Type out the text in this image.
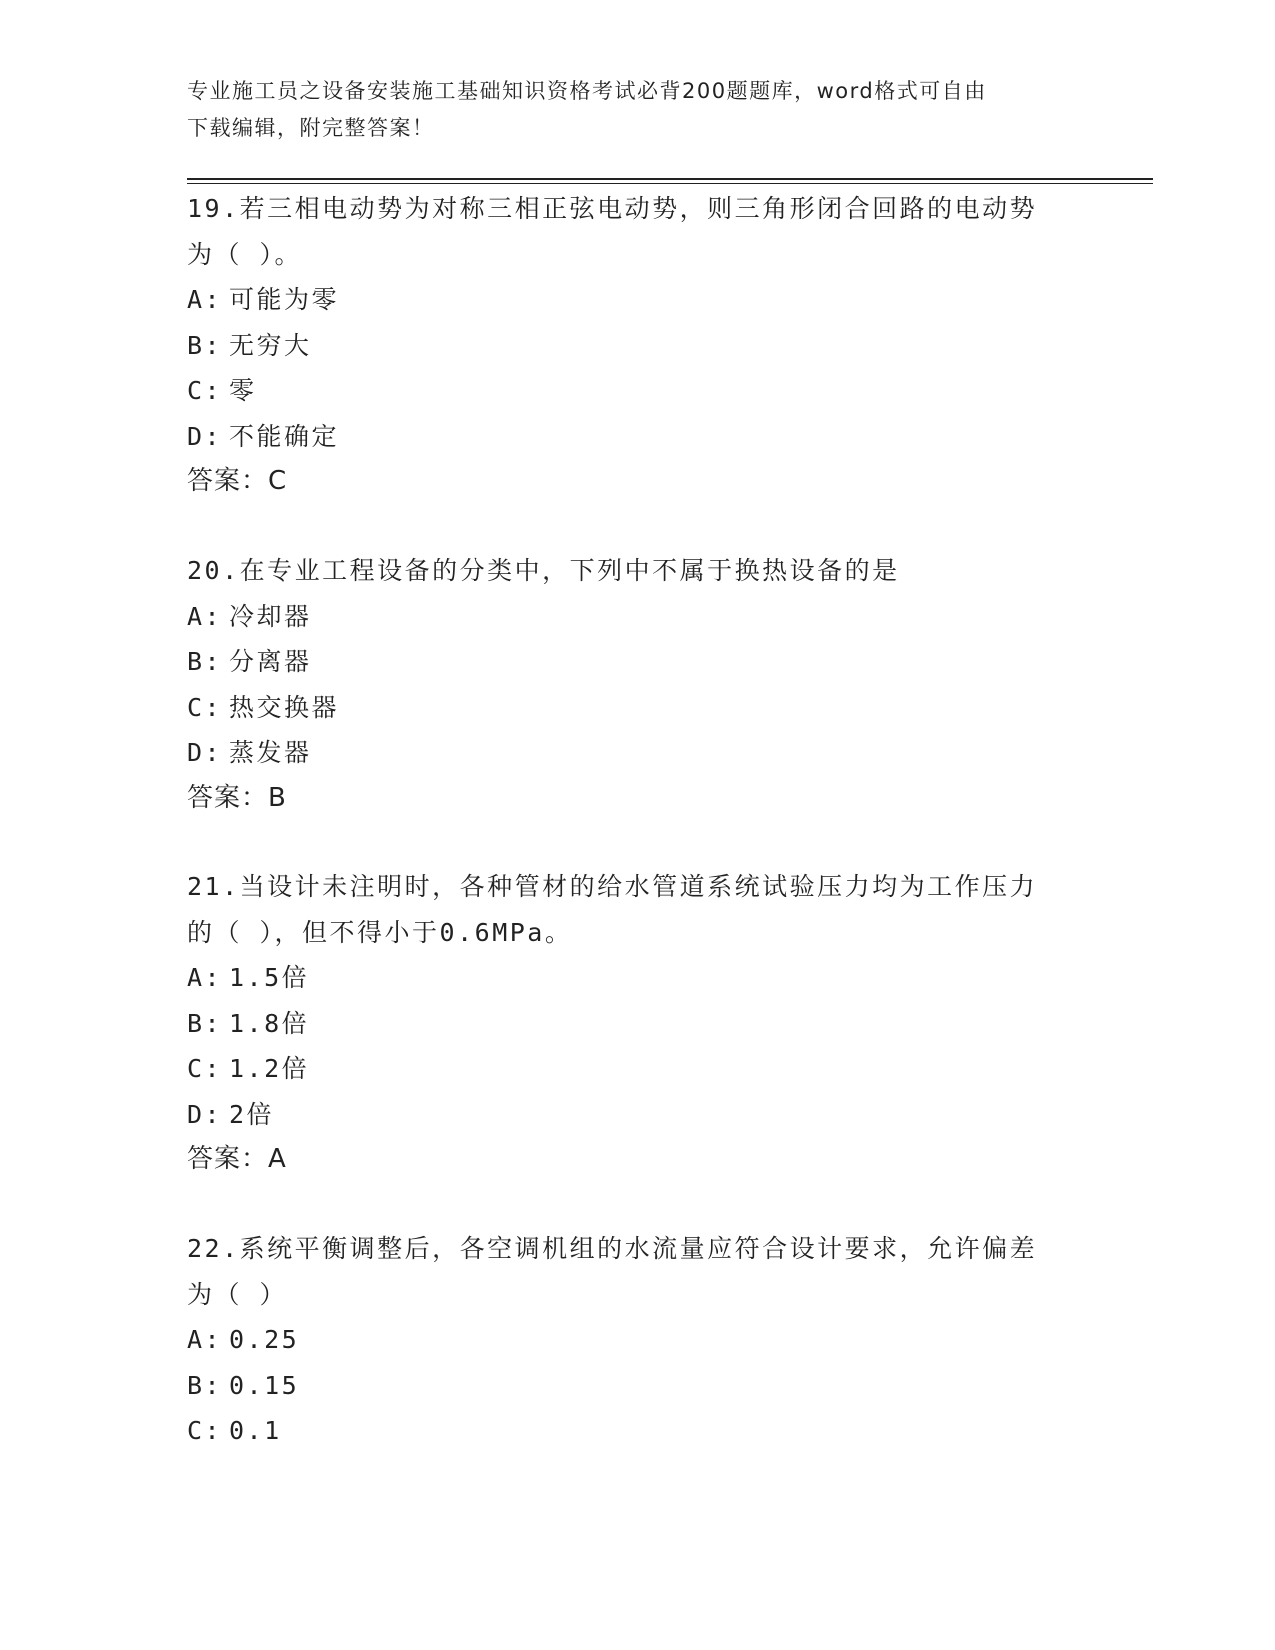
专业施工员之设备安装施工基础知识资格考试必背200题题库，word格式可自由
下载编辑，附完整答案！
19.若三相电动势为对称三相正弦电动势，则三角形闭合回路的电动势
为（ ）。
A: 可能为零
B: 无穷大
C: 零
D: 不能确定
答案：C
20.在专业工程设备的分类中，下列中不属于换热设备的是
A: 冷却器
B: 分离器
C: 热交换器
D: 蒸发器
答案：B
21.当设计未注明时，各种管材的给水管道系统试验压力均为工作压力
的（ ），但不得小于0.6MPa。
A: 1.5倍
B: 1.8倍
C: 1.2倍
D: 2倍
答案：A
22.系统平衡调整后，各空调机组的水流量应符合设计要求，允许偏差
为（ ）
A: 0.25
B: 0.15
C: 0.1
